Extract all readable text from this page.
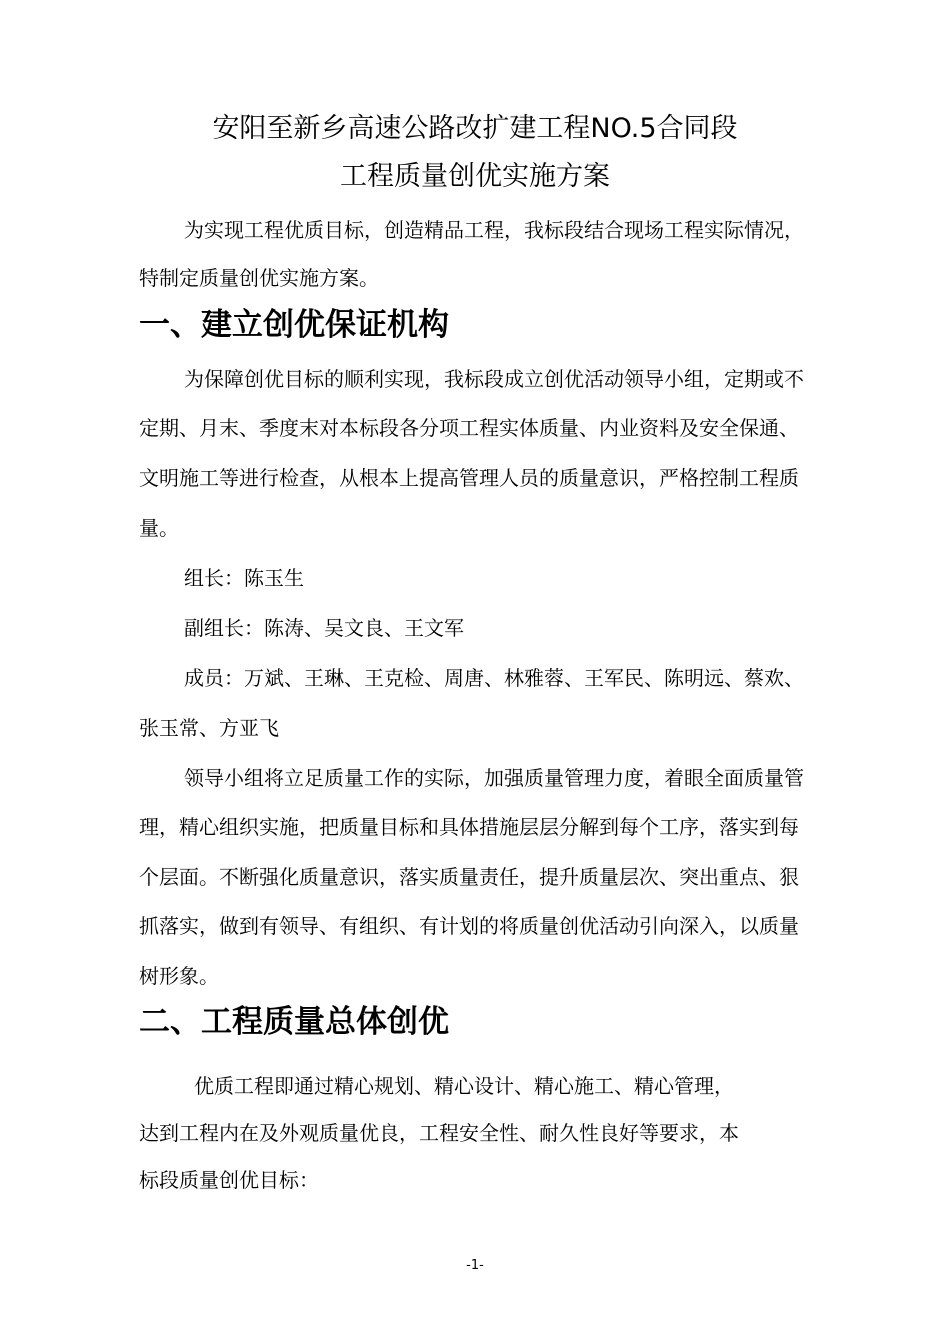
安阳至新乡高速公路改扩建工程NO.5合同段
工程质量创优实施方案
为实现工程优质目标，创造精品工程，我标段结合现场工程实际情况，
特制定质量创优实施方案。
一、建立创优保证机构
为保障创优目标的顺利实现，我标段成立创优活动领导小组，定期或不
定期、月末、季度末对本标段各分项工程实体质量、内业资料及安全保通、
文明施工等进行检查，从根本上提高管理人员的质量意识，严格控制工程质
量。
组长：陈玉生
副组长：陈涛、吴文良、王文军
成员：万斌、王琳、王克检、周唐、林雅蓉、王军民、陈明远、蔡欢、
张玉常、方亚飞
领导小组将立足质量工作的实际，加强质量管理力度，着眼全面质量管
理，精心组织实施，把质量目标和具体措施层层分解到每个工序，落实到每
个层面。不断强化质量意识，落实质量责任，提升质量层次、突出重点、狠
抓落实，做到有领导、有组织、有计划的将质量创优活动引向深入，以质量
树形象。
二、工程质量总体创优
优质工程即通过精心规划、精心设计、精心施工、精心管理，
达到工程内在及外观质量优良，工程安全性、耐久性良好等要求，本
标段质量创优目标：
-1-
